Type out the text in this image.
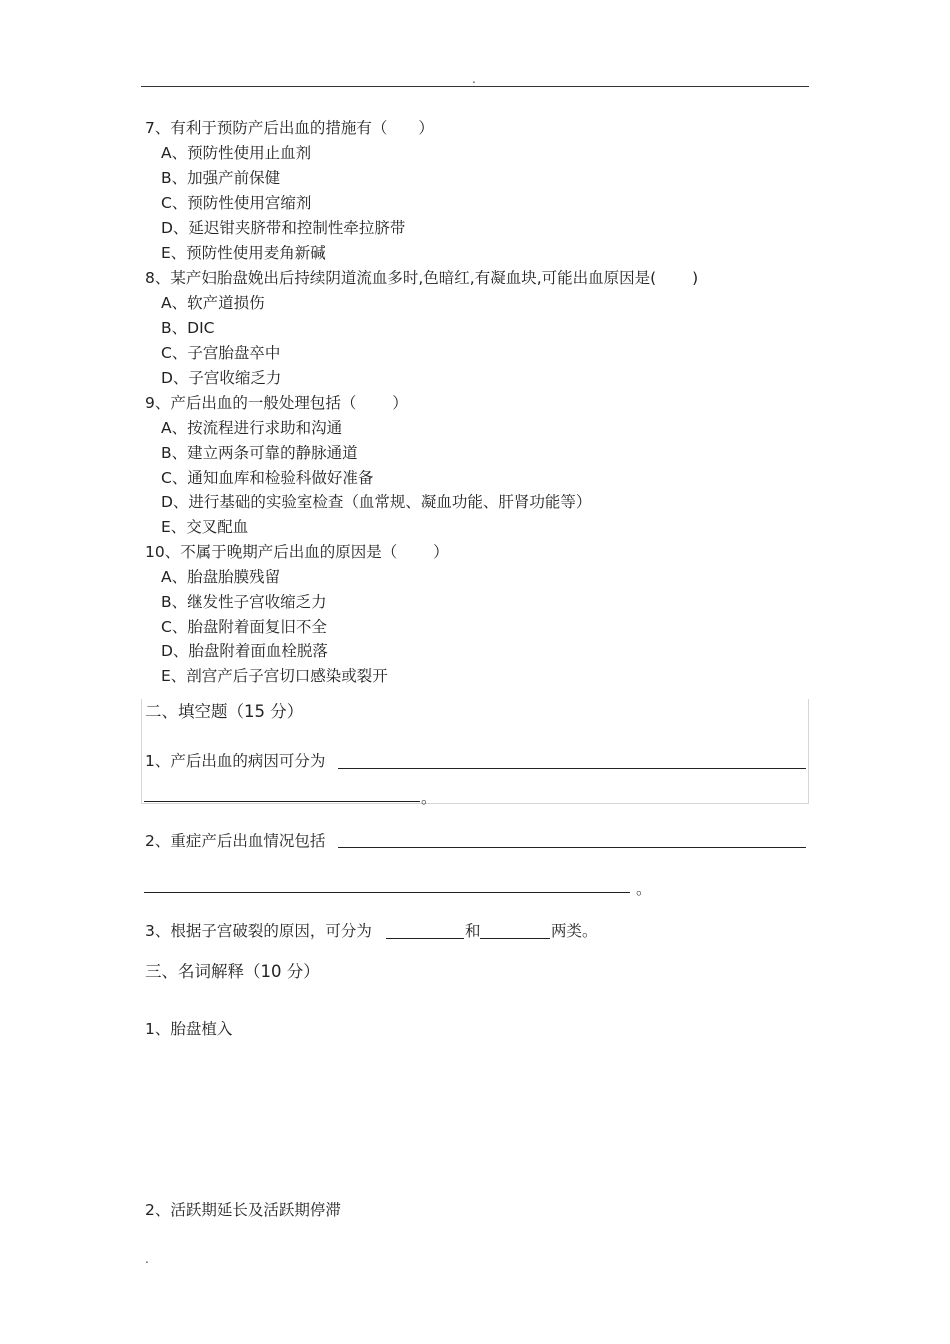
.
7、有利于预防产后出血的措施有（　　）
A、预防性使用止血剂
B、加强产前保健
C、预防性使用宫缩剂
D、延迟钳夹脐带和控制性牵拉脐带
E、预防性使用麦角新碱
8、某产妇胎盘娩出后持续阴道流血多时,色暗红,有凝血块,可能出血原因是(　　 )
A、软产道损伤
B、DIC
C、子宫胎盘卒中
D、子宫收缩乏力
9、产后出血的一般处理包括（　　 ）
A、按流程进行求助和沟通
B、建立两条可靠的静脉通道
C、通知血库和检验科做好准备
D、进行基础的实验室检查（血常规、凝血功能、肝肾功能等）
E、交叉配血
10、不属于晚期产后出血的原因是（　　 ）
A、胎盘胎膜残留
B、继发性子宫收缩乏力
C、胎盘附着面复旧不全
D、胎盘附着面血栓脱落
E、剖宫产后子宫切口感染或裂开
二、填空题（15 分）
1、产后出血的病因可分为
。
2、重症产后出血情况包括
。
3、根据子宫破裂的原因，可分为	和	两类。
三、名词解释（10 分）
1、胎盘植入
2、活跃期延长及活跃期停滞
.
